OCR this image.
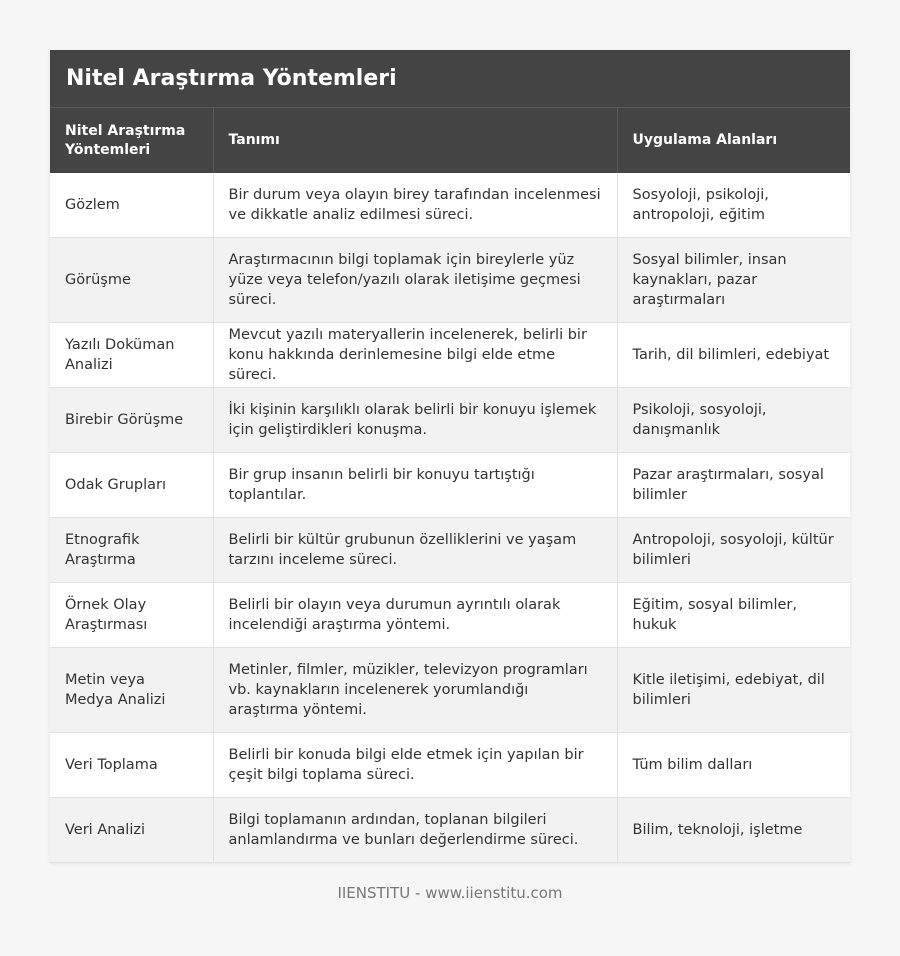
Nitel Araştırma Yöntemleri
Nitel Araştırma Yöntemleri	Tanımı	Uygulama Alanları
Gözlem	Bir durum veya olayın birey tarafından incelenmesi ve dikkatle analiz edilmesi süreci.	Sosyoloji, psikoloji, antropoloji, eğitim
Görüşme	Araştırmacının bilgi toplamak için bireylerle yüz yüze veya telefon/yazılı olarak iletişime geçmesi süreci.	Sosyal bilimler, insan kaynakları, pazar araştırmaları
Yazılı Doküman Analizi	Mevcut yazılı materyallerin incelenerek, belirli bir konu hakkında derinlemesine bilgi elde etme süreci.	Tarih, dil bilimleri, edebiyat
Birebir Görüşme	İki kişinin karşılıklı olarak belirli bir konuyu işlemek için geliştirdikleri konuşma.	Psikoloji, sosyoloji, danışmanlık
Odak Grupları	Bir grup insanın belirli bir konuyu tartıştığı toplantılar.	Pazar araştırmaları, sosyal bilimler
Etnografik Araştırma	Belirli bir kültür grubunun özelliklerini ve yaşam tarzını inceleme süreci.	Antropoloji, sosyoloji, kültür bilimleri
Örnek Olay Araştırması	Belirli bir olayın veya durumun ayrıntılı olarak incelendiği araştırma yöntemi.	Eğitim, sosyal bilimler, hukuk
Metin veya Medya Analizi	Metinler, filmler, müzikler, televizyon programları vb. kaynakların incelenerek yorumlandığı araştırma yöntemi.	Kitle iletişimi, edebiyat, dil bilimleri
Veri Toplama	Belirli bir konuda bilgi elde etmek için yapılan bir çeşit bilgi toplama süreci.	Tüm bilim dalları
Veri Analizi	Bilgi toplamanın ardından, toplanan bilgileri anlamlandırma ve bunları değerlendirme süreci.	Bilim, teknoloji, işletme
IIENSTITU - www.iienstitu.com
